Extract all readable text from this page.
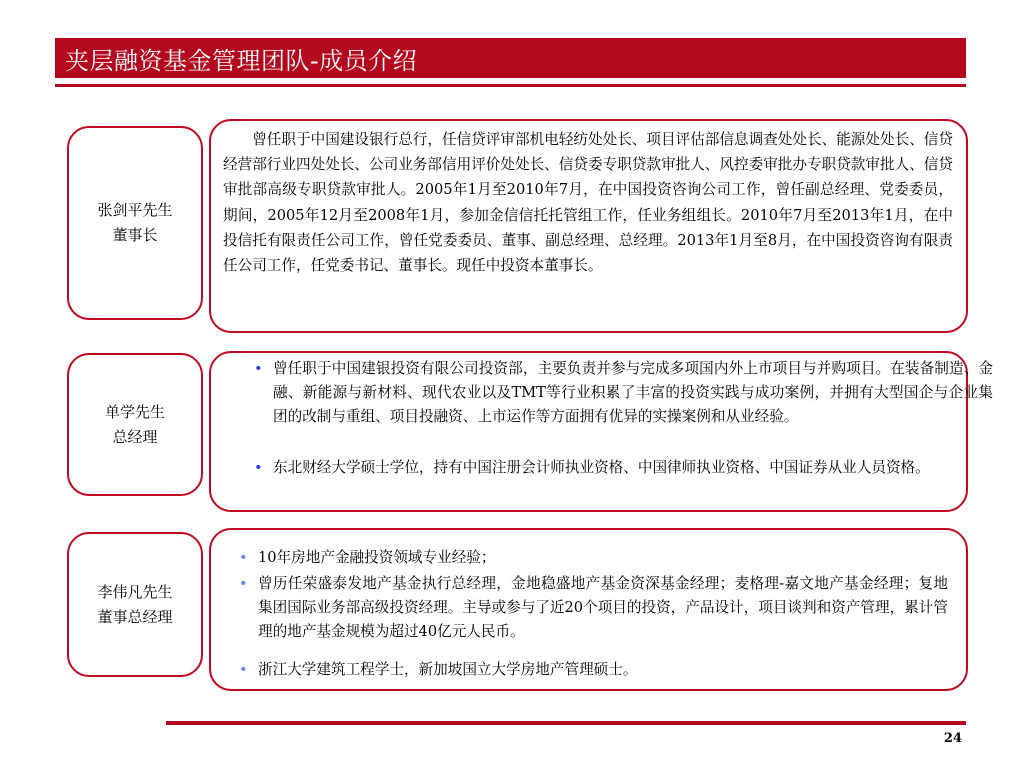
夹层融资基金管理团队-成员介绍
张剑平先生
董事长

曾任职于中国建设银行总行，任信贷评审部机电轻纺处处长、项目评估部信息调查处处长、能源处处长、信贷经营部行业四处处长、公司业务部信用评价处处长、信贷委专职贷款审批人、风控委审批办专职贷款审批人、信贷审批部高级专职贷款审批人。2005年1月至2010年7月，在中国投资咨询公司工作，曾任副总经理、党委委员，期间，2005年12月至2008年1月，参加金信信托托管组工作，任业务组组长。2010年7月至2013年1月，在中投信托有限责任公司工作，曾任党委委员、董事、副总经理、总经理。2013年1月至8月，在中国投资咨询有限责任公司工作，任党委书记、董事长。现任中投资本董事长。

单学先生
总经理

• 曾任职于中国建银投资有限公司投资部，主要负责并参与完成多项国内外上市项目与并购项目。在装备制造、金融、新能源与新材料、现代农业以及TMT等行业积累了丰富的投资实践与成功案例，并拥有大型国企与企业集团的改制与重组、项目投融资、上市运作等方面拥有优异的实操案例和从业经验。

• 东北财经大学硕士学位，持有中国注册会计师执业资格、中国律师执业资格、中国证券从业人员资格。

李伟凡先生
董事总经理

• 10年房地产金融投资领域专业经验；

• 曾历任荣盛泰发地产基金执行总经理，金地稳盛地产基金资深基金经理；麦格理-嘉文地产基金经理；复地集团国际业务部高级投资经理。主导或参与了近20个项目的投资，产品设计，项目谈判和资产管理，累计管理的地产基金规模为超过40亿元人民币。

• 浙江大学建筑工程学士，新加坡国立大学房地产管理硕士。

24
